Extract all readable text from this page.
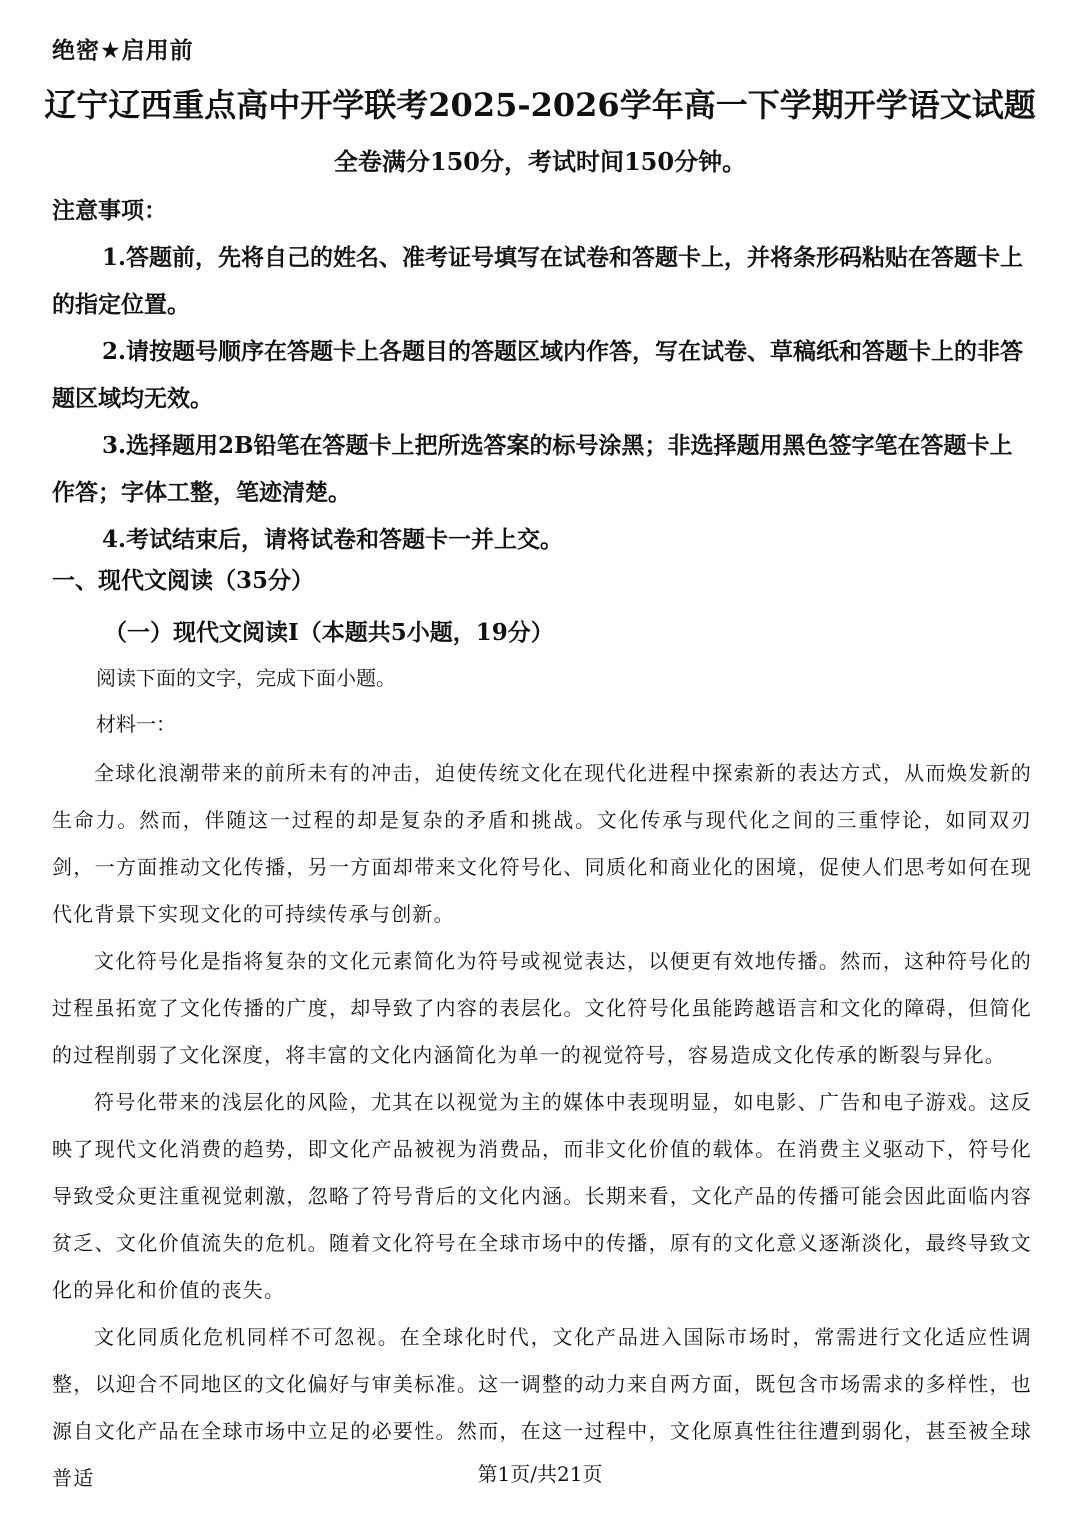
绝密★启用前
辽宁辽西重点高中开学联考2025-2026学年高一下学期开学语文试题
全卷满分150分，考试时间150分钟。
注意事项：

1.答题前，先将自己的姓名、准考证号填写在试卷和答题卡上，并将条形码粘贴在答题卡上的指定位置。

2.请按题号顺序在答题卡上各题目的答题区域内作答，写在试卷、草稿纸和答题卡上的非答题区域均无效。

3.选择题用2B铅笔在答题卡上把所选答案的标号涂黑；非选择题用黑色签字笔在答题卡上作答；字体工整，笔迹清楚。

4.考试结束后，请将试卷和答题卡一并上交。

一、现代文阅读（35分）
（一）现代文阅读Ⅰ（本题共5小题，19分）
阅读下面的文字，完成下面小题。
材料一：

全球化浪潮带来的前所未有的冲击，迫使传统文化在现代化进程中探索新的表达方式，从而焕发新的生命力。然而，伴随这一过程的却是复杂的矛盾和挑战。文化传承与现代化之间的三重悖论，如同双刃剑，一方面推动文化传播，另一方面却带来文化符号化、同质化和商业化的困境，促使人们思考如何在现代化背景下实现文化的可持续传承与创新。

文化符号化是指将复杂的文化元素简化为符号或视觉表达，以便更有效地传播。然而，这种符号化的过程虽拓宽了文化传播的广度，却导致了内容的表层化。文化符号化虽能跨越语言和文化的障碍，但简化的过程削弱了文化深度，将丰富的文化内涵简化为单一的视觉符号，容易造成文化传承的断裂与异化。

符号化带来的浅层化的风险，尤其在以视觉为主的媒体中表现明显，如电影、广告和电子游戏。这反映了现代文化消费的趋势，即文化产品被视为消费品，而非文化价值的载体。在消费主义驱动下，符号化导致受众更注重视觉刺激，忽略了符号背后的文化内涵。长期来看，文化产品的传播可能会因此面临内容贫乏、文化价值流失的危机。随着文化符号在全球市场中的传播，原有的文化意义逐渐淡化，最终导致文化的异化和价值的丧失。

文化同质化危机同样不可忽视。在全球化时代，文化产品进入国际市场时，常需进行文化适应性调整，以迎合不同地区的文化偏好与审美标准。这一调整的动力来自两方面，既包含市场需求的多样性，也源自文化产品在全球市场中立足的必要性。然而，在这一过程中，文化原真性往往遭到弱化，甚至被全球普适	第1页/共21页
